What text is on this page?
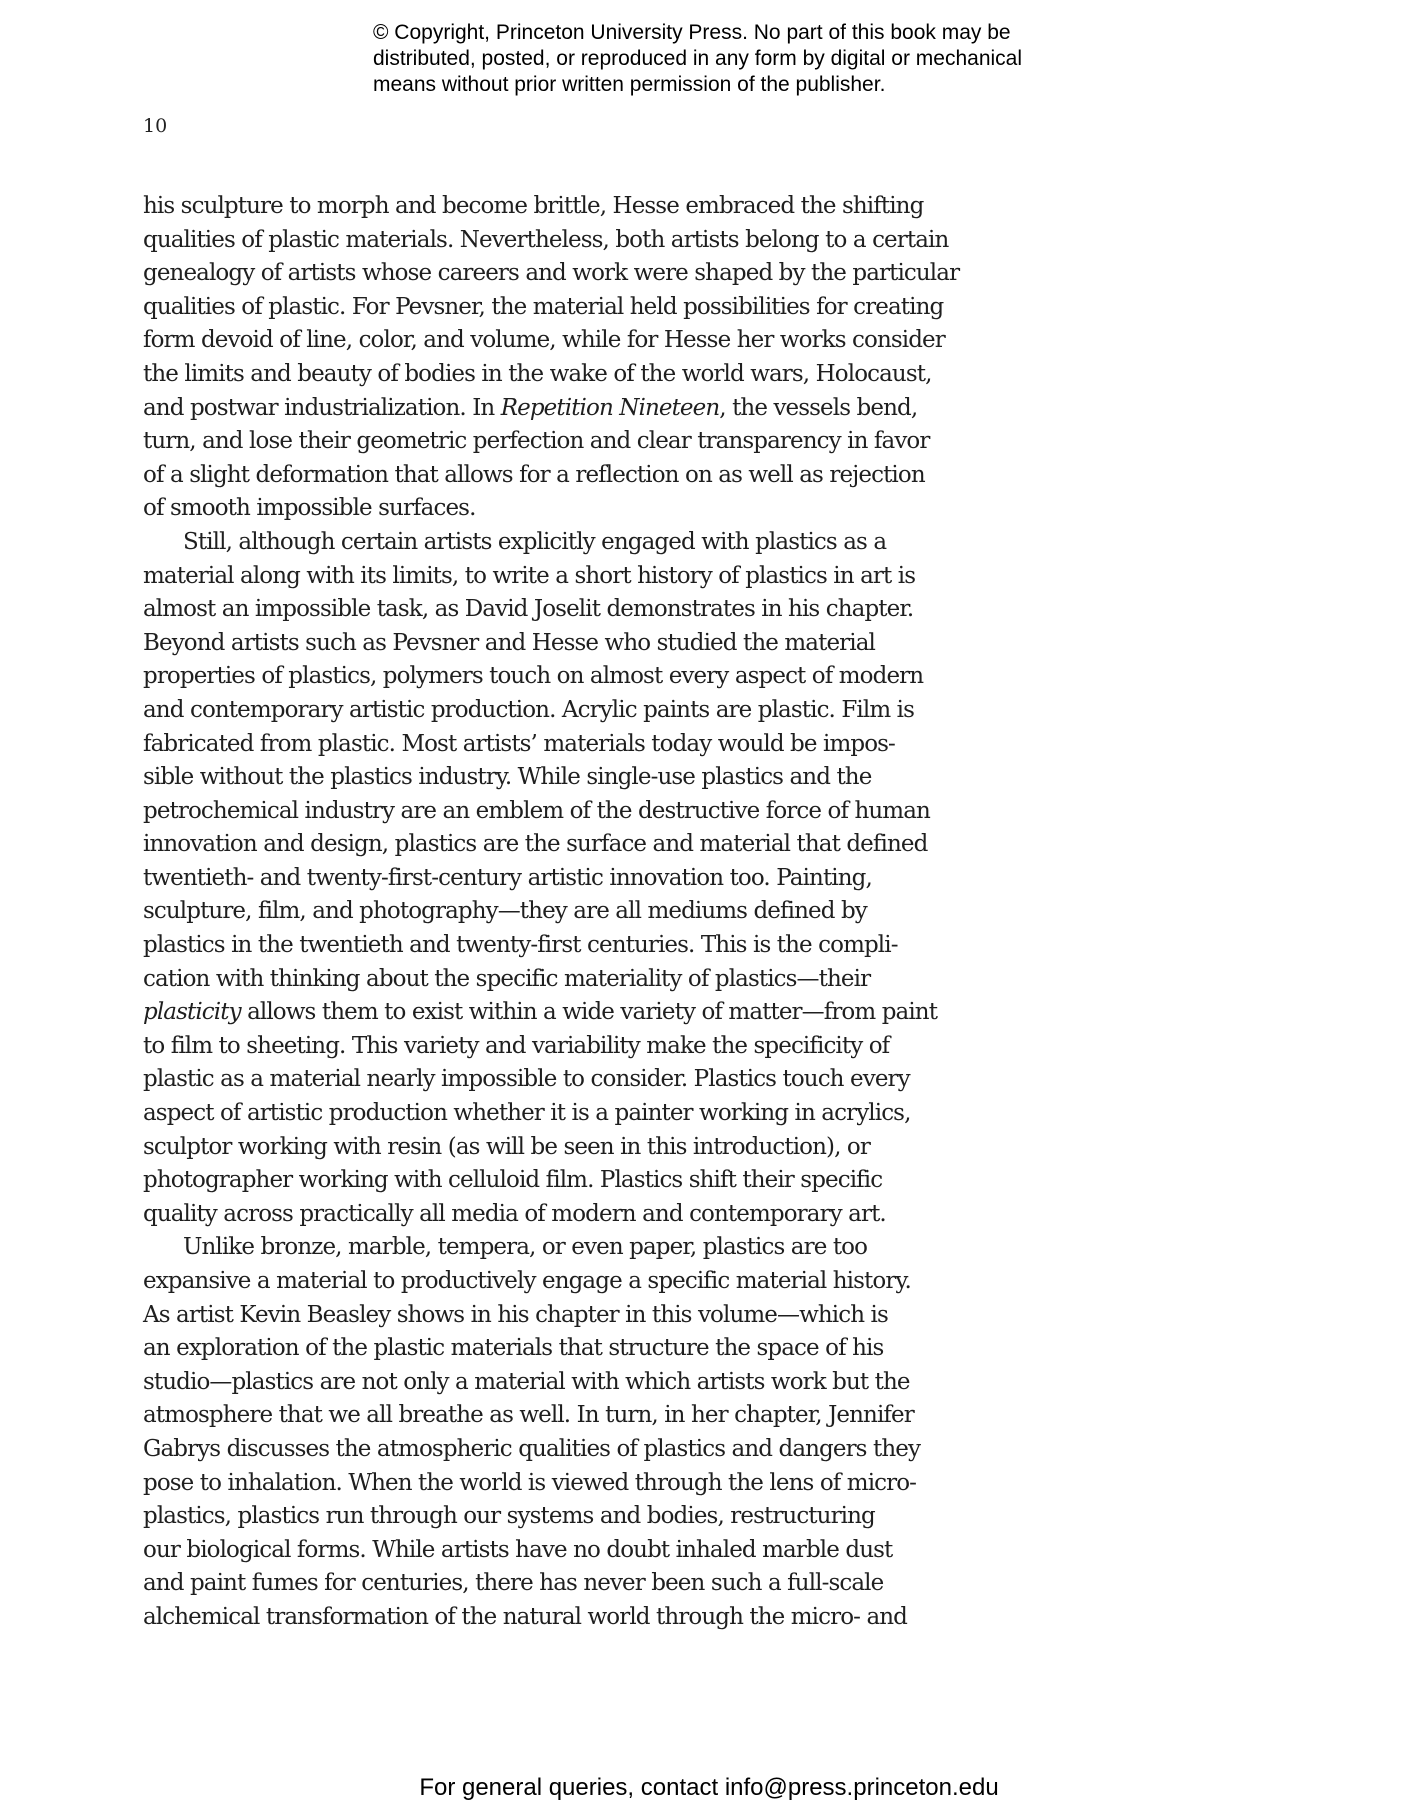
© Copyright, Princeton University Press. No part of this book may be
distributed, posted, or reproduced in any form by digital or mechanical
means without prior written permission of the publisher.
10
his sculpture to morph and become brittle, Hesse embraced the shifting
qualities of plastic materials. Nevertheless, both artists belong to a certain
genealogy of artists whose careers and work were shaped by the particular
qualities of plastic. For Pevsner, the material held possibilities for creating
form devoid of line, color, and volume, while for Hesse her works consider
the limits and beauty of bodies in the wake of the world wars, Holocaust,
and postwar industrialization. In Repetition Nineteen, the vessels bend,
turn, and lose their geometric perfection and clear transparency in favor
of a slight deformation that allows for a reflection on as well as rejection
of smooth impossible surfaces.
Still, although certain artists explicitly engaged with plastics as a
material along with its limits, to write a short history of plastics in art is
almost an impossible task, as David Joselit demonstrates in his chapter.
Beyond artists such as Pevsner and Hesse who studied the material
properties of plastics, polymers touch on almost every aspect of modern
and contemporary artistic production. Acrylic paints are plastic. Film is
fabricated from plastic. Most artists’ materials today would be impos-
sible without the plastics industry. While single-use plastics and the
petrochemical industry are an emblem of the destructive force of human
innovation and design, plastics are the surface and material that defined
twentieth- and twenty-first-century artistic innovation too. Painting,
sculpture, film, and photography—they are all mediums defined by
plastics in the twentieth and twenty-first centuries. This is the compli-
cation with thinking about the specific materiality of plastics—their
plasticity allows them to exist within a wide variety of matter—from paint
to film to sheeting. This variety and variability make the specificity of
plastic as a material nearly impossible to consider. Plastics touch every
aspect of artistic production whether it is a painter working in acrylics,
sculptor working with resin (as will be seen in this introduction), or
photographer working with celluloid film. Plastics shift their specific
quality across practically all media of modern and contemporary art.
Unlike bronze, marble, tempera, or even paper, plastics are too
expansive a material to productively engage a specific material history.
As artist Kevin Beasley shows in his chapter in this volume—which is
an exploration of the plastic materials that structure the space of his
studio—plastics are not only a material with which artists work but the
atmosphere that we all breathe as well. In turn, in her chapter, Jennifer
Gabrys discusses the atmospheric qualities of plastics and dangers they
pose to inhalation. When the world is viewed through the lens of micro-
plastics, plastics run through our systems and bodies, restructuring
our biological forms. While artists have no doubt inhaled marble dust
and paint fumes for centuries, there has never been such a full-scale
alchemical transformation of the natural world through the micro- and
For general queries, contact info@press.princeton.edu
